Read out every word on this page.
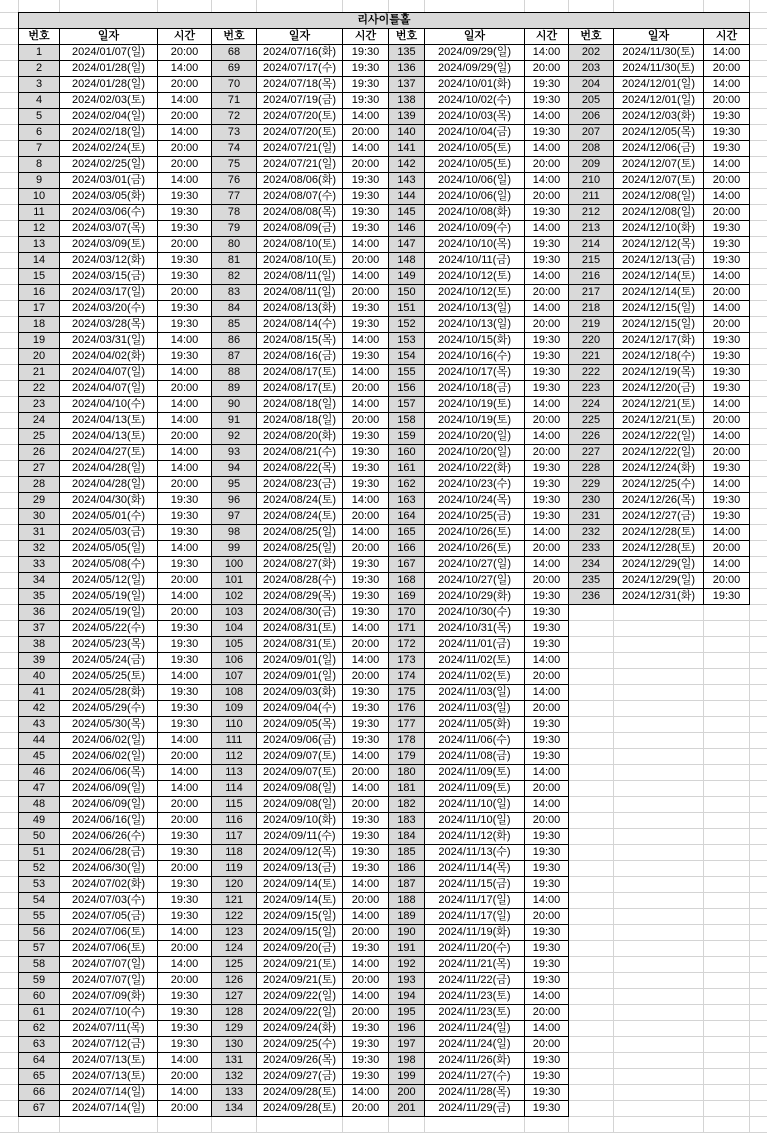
리사이틀홀
번호	일자	시간	번호	일자	시간	번호	일자	시간	번호	일자	시간
1	2024/01/07(일)	20:00	68	2024/07/16(화)	19:30	135	2024/09/29(일)	14:00	202	2024/11/30(토)	14:00
2	2024/01/28(일)	14:00	69	2024/07/17(수)	19:30	136	2024/09/29(일)	20:00	203	2024/11/30(토)	20:00
3	2024/01/28(일)	20:00	70	2024/07/18(목)	19:30	137	2024/10/01(화)	19:30	204	2024/12/01(일)	14:00
4	2024/02/03(토)	14:00	71	2024/07/19(금)	19:30	138	2024/10/02(수)	19:30	205	2024/12/01(일)	20:00
5	2024/02/04(일)	20:00	72	2024/07/20(토)	14:00	139	2024/10/03(목)	14:00	206	2024/12/03(화)	19:30
6	2024/02/18(일)	14:00	73	2024/07/20(토)	20:00	140	2024/10/04(금)	19:30	207	2024/12/05(목)	19:30
7	2024/02/24(토)	20:00	74	2024/07/21(일)	14:00	141	2024/10/05(토)	14:00	208	2024/12/06(금)	19:30
8	2024/02/25(일)	20:00	75	2024/07/21(일)	20:00	142	2024/10/05(토)	20:00	209	2024/12/07(토)	14:00
9	2024/03/01(금)	14:00	76	2024/08/06(화)	19:30	143	2024/10/06(일)	14:00	210	2024/12/07(토)	20:00
10	2024/03/05(화)	19:30	77	2024/08/07(수)	19:30	144	2024/10/06(일)	20:00	211	2024/12/08(일)	14:00
11	2024/03/06(수)	19:30	78	2024/08/08(목)	19:30	145	2024/10/08(화)	19:30	212	2024/12/08(일)	20:00
12	2024/03/07(목)	19:30	79	2024/08/09(금)	19:30	146	2024/10/09(수)	14:00	213	2024/12/10(화)	19:30
13	2024/03/09(토)	20:00	80	2024/08/10(토)	14:00	147	2024/10/10(목)	19:30	214	2024/12/12(목)	19:30
14	2024/03/12(화)	19:30	81	2024/08/10(토)	20:00	148	2024/10/11(금)	19:30	215	2024/12/13(금)	19:30
15	2024/03/15(금)	19:30	82	2024/08/11(일)	14:00	149	2024/10/12(토)	14:00	216	2024/12/14(토)	14:00
16	2024/03/17(일)	20:00	83	2024/08/11(일)	20:00	150	2024/10/12(토)	20:00	217	2024/12/14(토)	20:00
17	2024/03/20(수)	19:30	84	2024/08/13(화)	19:30	151	2024/10/13(일)	14:00	218	2024/12/15(일)	14:00
18	2024/03/28(목)	19:30	85	2024/08/14(수)	19:30	152	2024/10/13(일)	20:00	219	2024/12/15(일)	20:00
19	2024/03/31(일)	14:00	86	2024/08/15(목)	14:00	153	2024/10/15(화)	19:30	220	2024/12/17(화)	19:30
20	2024/04/02(화)	19:30	87	2024/08/16(금)	19:30	154	2024/10/16(수)	19:30	221	2024/12/18(수)	19:30
21	2024/04/07(일)	14:00	88	2024/08/17(토)	14:00	155	2024/10/17(목)	19:30	222	2024/12/19(목)	19:30
22	2024/04/07(일)	20:00	89	2024/08/17(토)	20:00	156	2024/10/18(금)	19:30	223	2024/12/20(금)	19:30
23	2024/04/10(수)	14:00	90	2024/08/18(일)	14:00	157	2024/10/19(토)	14:00	224	2024/12/21(토)	14:00
24	2024/04/13(토)	14:00	91	2024/08/18(일)	20:00	158	2024/10/19(토)	20:00	225	2024/12/21(토)	20:00
25	2024/04/13(토)	20:00	92	2024/08/20(화)	19:30	159	2024/10/20(일)	14:00	226	2024/12/22(일)	14:00
26	2024/04/27(토)	14:00	93	2024/08/21(수)	19:30	160	2024/10/20(일)	20:00	227	2024/12/22(일)	20:00
27	2024/04/28(일)	14:00	94	2024/08/22(목)	19:30	161	2024/10/22(화)	19:30	228	2024/12/24(화)	19:30
28	2024/04/28(일)	20:00	95	2024/08/23(금)	19:30	162	2024/10/23(수)	19:30	229	2024/12/25(수)	14:00
29	2024/04/30(화)	19:30	96	2024/08/24(토)	14:00	163	2024/10/24(목)	19:30	230	2024/12/26(목)	19:30
30	2024/05/01(수)	19:30	97	2024/08/24(토)	20:00	164	2024/10/25(금)	19:30	231	2024/12/27(금)	19:30
31	2024/05/03(금)	19:30	98	2024/08/25(일)	14:00	165	2024/10/26(토)	14:00	232	2024/12/28(토)	14:00
32	2024/05/05(일)	14:00	99	2024/08/25(일)	20:00	166	2024/10/26(토)	20:00	233	2024/12/28(토)	20:00
33	2024/05/08(수)	19:30	100	2024/08/27(화)	19:30	167	2024/10/27(일)	14:00	234	2024/12/29(일)	14:00
34	2024/05/12(일)	20:00	101	2024/08/28(수)	19:30	168	2024/10/27(일)	20:00	235	2024/12/29(일)	20:00
35	2024/05/19(일)	14:00	102	2024/08/29(목)	19:30	169	2024/10/29(화)	19:30	236	2024/12/31(화)	19:30
36	2024/05/19(일)	20:00	103	2024/08/30(금)	19:30	170	2024/10/30(수)	19:30
37	2024/05/22(수)	19:30	104	2024/08/31(토)	14:00	171	2024/10/31(목)	19:30
38	2024/05/23(목)	19:30	105	2024/08/31(토)	20:00	172	2024/11/01(금)	19:30
39	2024/05/24(금)	19:30	106	2024/09/01(일)	14:00	173	2024/11/02(토)	14:00
40	2024/05/25(토)	14:00	107	2024/09/01(일)	20:00	174	2024/11/02(토)	20:00
41	2024/05/28(화)	19:30	108	2024/09/03(화)	19:30	175	2024/11/03(일)	14:00
42	2024/05/29(수)	19:30	109	2024/09/04(수)	19:30	176	2024/11/03(일)	20:00
43	2024/05/30(목)	19:30	110	2024/09/05(목)	19:30	177	2024/11/05(화)	19:30
44	2024/06/02(일)	14:00	111	2024/09/06(금)	19:30	178	2024/11/06(수)	19:30
45	2024/06/02(일)	20:00	112	2024/09/07(토)	14:00	179	2024/11/08(금)	19:30
46	2024/06/06(목)	14:00	113	2024/09/07(토)	20:00	180	2024/11/09(토)	14:00
47	2024/06/09(일)	14:00	114	2024/09/08(일)	14:00	181	2024/11/09(토)	20:00
48	2024/06/09(일)	20:00	115	2024/09/08(일)	20:00	182	2024/11/10(일)	14:00
49	2024/06/16(일)	20:00	116	2024/09/10(화)	19:30	183	2024/11/10(일)	20:00
50	2024/06/26(수)	19:30	117	2024/09/11(수)	19:30	184	2024/11/12(화)	19:30
51	2024/06/28(금)	19:30	118	2024/09/12(목)	19:30	185	2024/11/13(수)	19:30
52	2024/06/30(일)	20:00	119	2024/09/13(금)	19:30	186	2024/11/14(목)	19:30
53	2024/07/02(화)	19:30	120	2024/09/14(토)	14:00	187	2024/11/15(금)	19:30
54	2024/07/03(수)	19:30	121	2024/09/14(토)	20:00	188	2024/11/17(일)	14:00
55	2024/07/05(금)	19:30	122	2024/09/15(일)	14:00	189	2024/11/17(일)	20:00
56	2024/07/06(토)	14:00	123	2024/09/15(일)	20:00	190	2024/11/19(화)	19:30
57	2024/07/06(토)	20:00	124	2024/09/20(금)	19:30	191	2024/11/20(수)	19:30
58	2024/07/07(일)	14:00	125	2024/09/21(토)	14:00	192	2024/11/21(목)	19:30
59	2024/07/07(일)	20:00	126	2024/09/21(토)	20:00	193	2024/11/22(금)	19:30
60	2024/07/09(화)	19:30	127	2024/09/22(일)	14:00	194	2024/11/23(토)	14:00
61	2024/07/10(수)	19:30	128	2024/09/22(일)	20:00	195	2024/11/23(토)	20:00
62	2024/07/11(목)	19:30	129	2024/09/24(화)	19:30	196	2024/11/24(일)	14:00
63	2024/07/12(금)	19:30	130	2024/09/25(수)	19:30	197	2024/11/24(일)	20:00
64	2024/07/13(토)	14:00	131	2024/09/26(목)	19:30	198	2024/11/26(화)	19:30
65	2024/07/13(토)	20:00	132	2024/09/27(금)	19:30	199	2024/11/27(수)	19:30
66	2024/07/14(일)	14:00	133	2024/09/28(토)	14:00	200	2024/11/28(목)	19:30
67	2024/07/14(일)	20:00	134	2024/09/28(토)	20:00	201	2024/11/29(금)	19:30
